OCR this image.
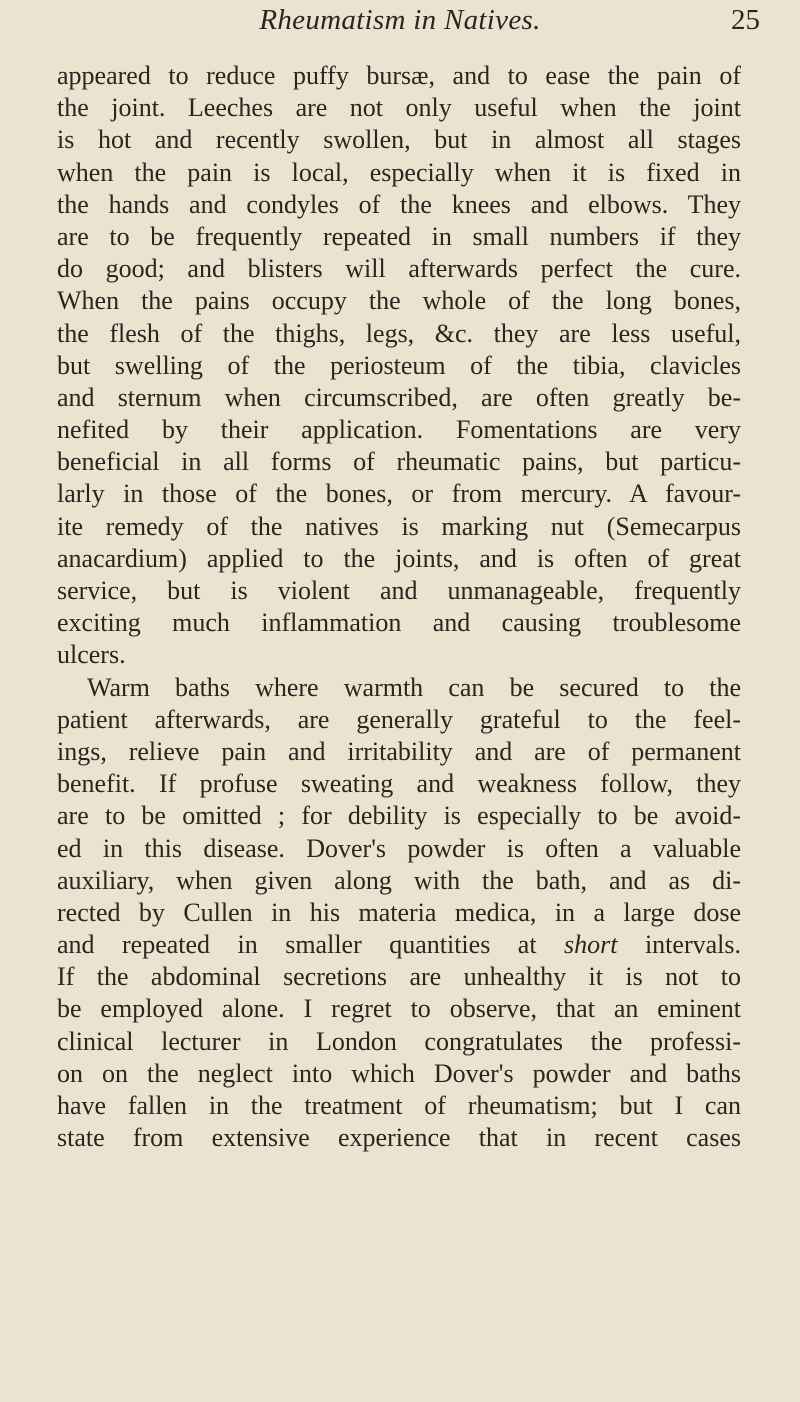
Rheumatism in Natives.	25
appeared to reduce puffy bursæ, and to ease the pain of
the joint. Leeches are not only useful when the joint
is hot and recently swollen, but in almost all stages
when the pain is local, especially when it is fixed in
the hands and condyles of the knees and elbows. They
are to be frequently repeated in small numbers if they
do good; and blisters will afterwards perfect the cure.
When the pains occupy the whole of the long bones,
the flesh of the thighs, legs, &c. they are less useful,
but swelling of the periosteum of the tibia, clavicles
and sternum when circumscribed, are often greatly be-
nefited by their application. Fomentations are very
beneficial in all forms of rheumatic pains, but particu-
larly in those of the bones, or from mercury. A favour-
ite remedy of the natives is marking nut (Semecarpus
anacardium) applied to the joints, and is often of great
service, but is violent and unmanageable, frequently
exciting much inflammation and causing troublesome
ulcers.
Warm baths where warmth can be secured to the
patient afterwards, are generally grateful to the feel-
ings, relieve pain and irritability and are of permanent
benefit. If profuse sweating and weakness follow, they
are to be omitted ; for debility is especially to be avoid-
ed in this disease. Dover's powder is often a valuable
auxiliary, when given along with the bath, and as di-
rected by Cullen in his materia medica, in a large dose
and repeated in smaller quantities at short intervals.
If the abdominal secretions are unhealthy it is not to
be employed alone. I regret to observe, that an eminent
clinical lecturer in London congratulates the professi-
on on the neglect into which Dover's powder and baths
have fallen in the treatment of rheumatism; but I can
state from extensive experience that in recent cases
